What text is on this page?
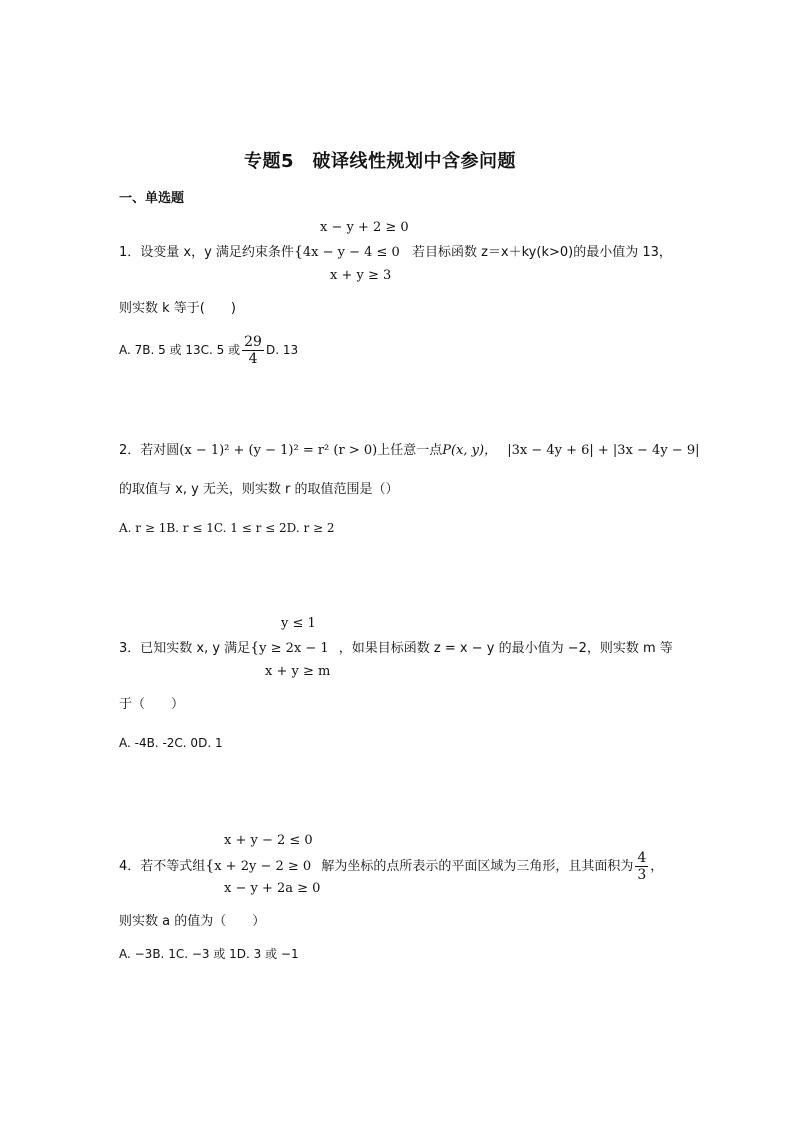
专题5　破译线性规划中含参问题
一、单选题
x − y + 2 ≥ 0
1．设变量 x，y 满足约束条件{4x − y − 4 ≤ 0 若目标函数 z＝x＋ky(k>0)的最小值为 13，
x + y ≥ 3
则实数 k 等于(　　)
A. 7B. 5 或 13C. 5 或 $\frac{29}{4} D$. 13
2．若对圆(x − 1)² + (y − 1)² = r² (r > 0)上任意一点P(x, y)， |3x − 4y + 6| + |3x − 4y − 9|
的取值与 x, y 无关，则实数 r 的取值范围是（）
A. r ≥ 1B. r ≤ 1C. 1 ≤ r ≤ 2D. r ≥ 2
y ≤ 1
3．已知实数 x, y 满足{y ≥ 2x − 1 ，如果目标函数 z = x − y 的最小值为 −2，则实数 m 等
x + y ≥ m
于（　　）
A. -4B. -2C. 0D. 1
x + y − 2 ≤ 0
4．若不等式组{x + 2y − 2 ≥ 0 解为坐标的点所表示的平面区域为三角形，且其面积为 $\frac{4}{3}$ ，
x − y + 2a ≥ 0
则实数 a 的值为（　　）
A. −3B. 1C. −3 或 1D. 3 或 −1
